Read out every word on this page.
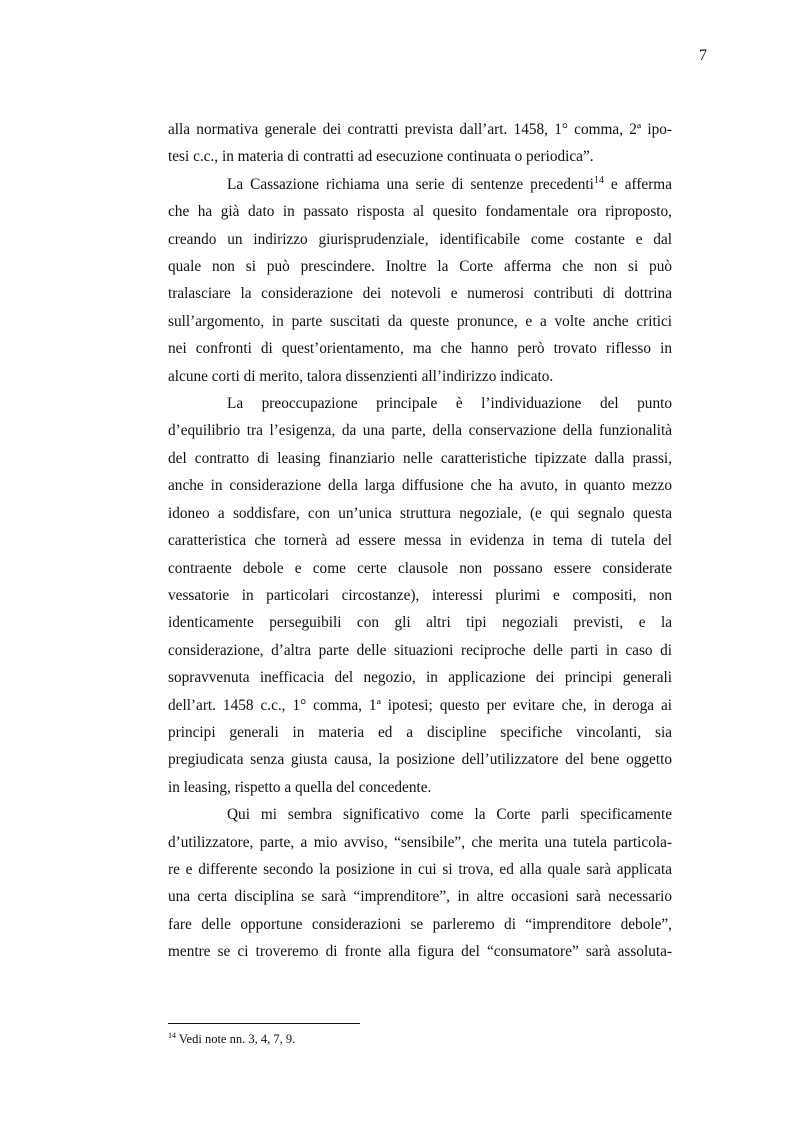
7

alla normativa generale dei contratti prevista dall’art. 1458, 1° comma, 2ª ipo-

tesi c.c., in materia di contratti ad esecuzione continuata o periodica”.

La Cassazione richiama una serie di sentenze precedenti$^{14}$ e afferma

che ha già dato in passato risposta al quesito fondamentale ora riproposto,

creando un indirizzo giurisprudenziale, identificabile come costante e dal

quale non si può prescindere. Inoltre la Corte afferma che non si può

tralasciare la considerazione dei notevoli e numerosi contributi di dottrina

sull’argomento, in parte suscitati da queste pronunce, e a volte anche critici

nei confronti di quest’orientamento, ma che hanno però trovato riflesso in

alcune corti di merito, talora dissenzienti all’indirizzo indicato.

La preoccupazione principale è l’individuazione del punto

d’equilibrio tra l’esigenza, da una parte, della conservazione della funzionalità

del contratto di leasing finanziario nelle caratteristiche tipizzate dalla prassi,

anche in considerazione della larga diffusione che ha avuto, in quanto mezzo

idoneo a soddisfare, con un’unica struttura negoziale, (e qui segnalo questa

caratteristica che tornerà ad essere messa in evidenza in tema di tutela del

contraente debole e come certe clausole non possano essere considerate

vessatorie in particolari circostanze), interessi plurimi e compositi, non

identicamente perseguibili con gli altri tipi negoziali previsti, e la

considerazione, d’altra parte delle situazioni reciproche delle parti in caso di

sopravvenuta inefficacia del negozio, in applicazione dei principi generali

dell’art. 1458 c.c., 1° comma, 1ª ipotesi; questo per evitare che, in deroga ai

principi generali in materia ed a discipline specifiche vincolanti, sia

pregiudicata senza giusta causa, la posizione dell’utilizzatore del bene oggetto

in leasing, rispetto a quella del concedente.

Qui mi sembra significativo come la Corte parli specificamente

d’utilizzatore, parte, a mio avviso, “sensibile”, che merita una tutela particola-

re e differente secondo la posizione in cui si trova, ed alla quale sarà applicata

una certa disciplina se sarà “imprenditore”, in altre occasioni sarà necessario

fare delle opportune considerazioni se parleremo di “imprenditore debole”,

mentre se ci troveremo di fronte alla figura del “consumatore” sarà assoluta-

$^{14}$ Vedi note nn. 3, 4, 7, 9.
